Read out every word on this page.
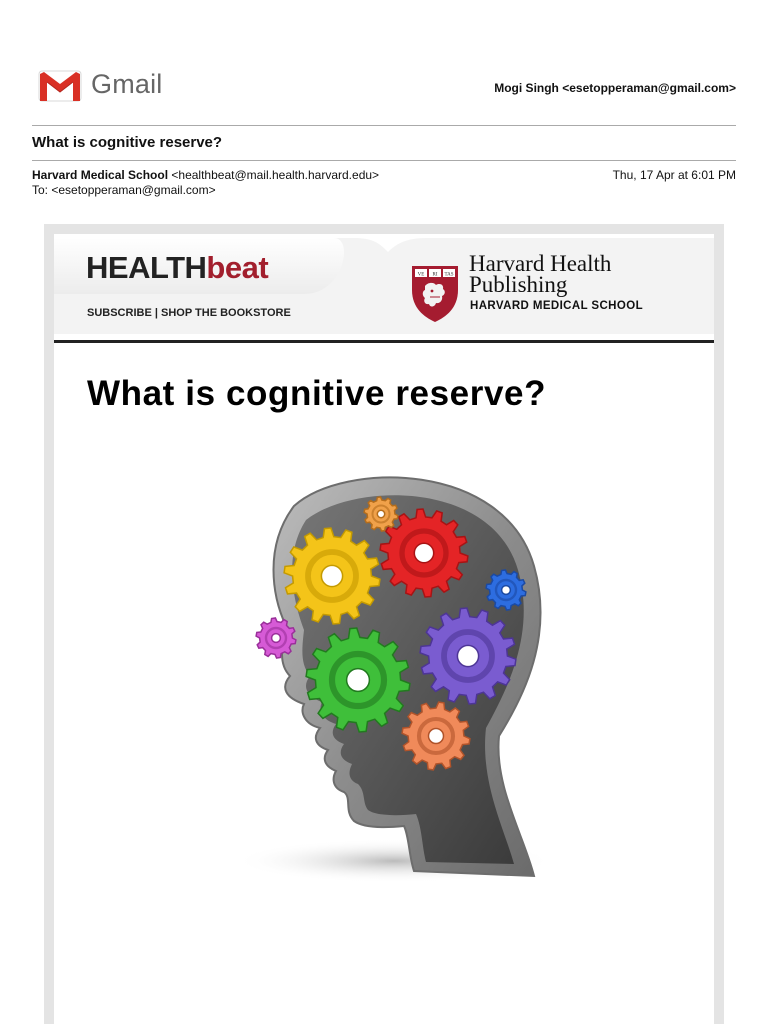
Gmail	Mogi Singh <esetopperaman@gmail.com>
What is cognitive reserve?
Harvard Medical School <healthbeat@mail.health.harvard.edu>
To: <esetopperaman@gmail.com>
Thu, 17 Apr at 6:01 PM
HEALTHbeat
SUBSCRIBE | SHOP THE BOOKSTORE
VE RI TAS Harvard Health
Publishing
HARVARD MEDICAL SCHOOL
What is cognitive reserve?
